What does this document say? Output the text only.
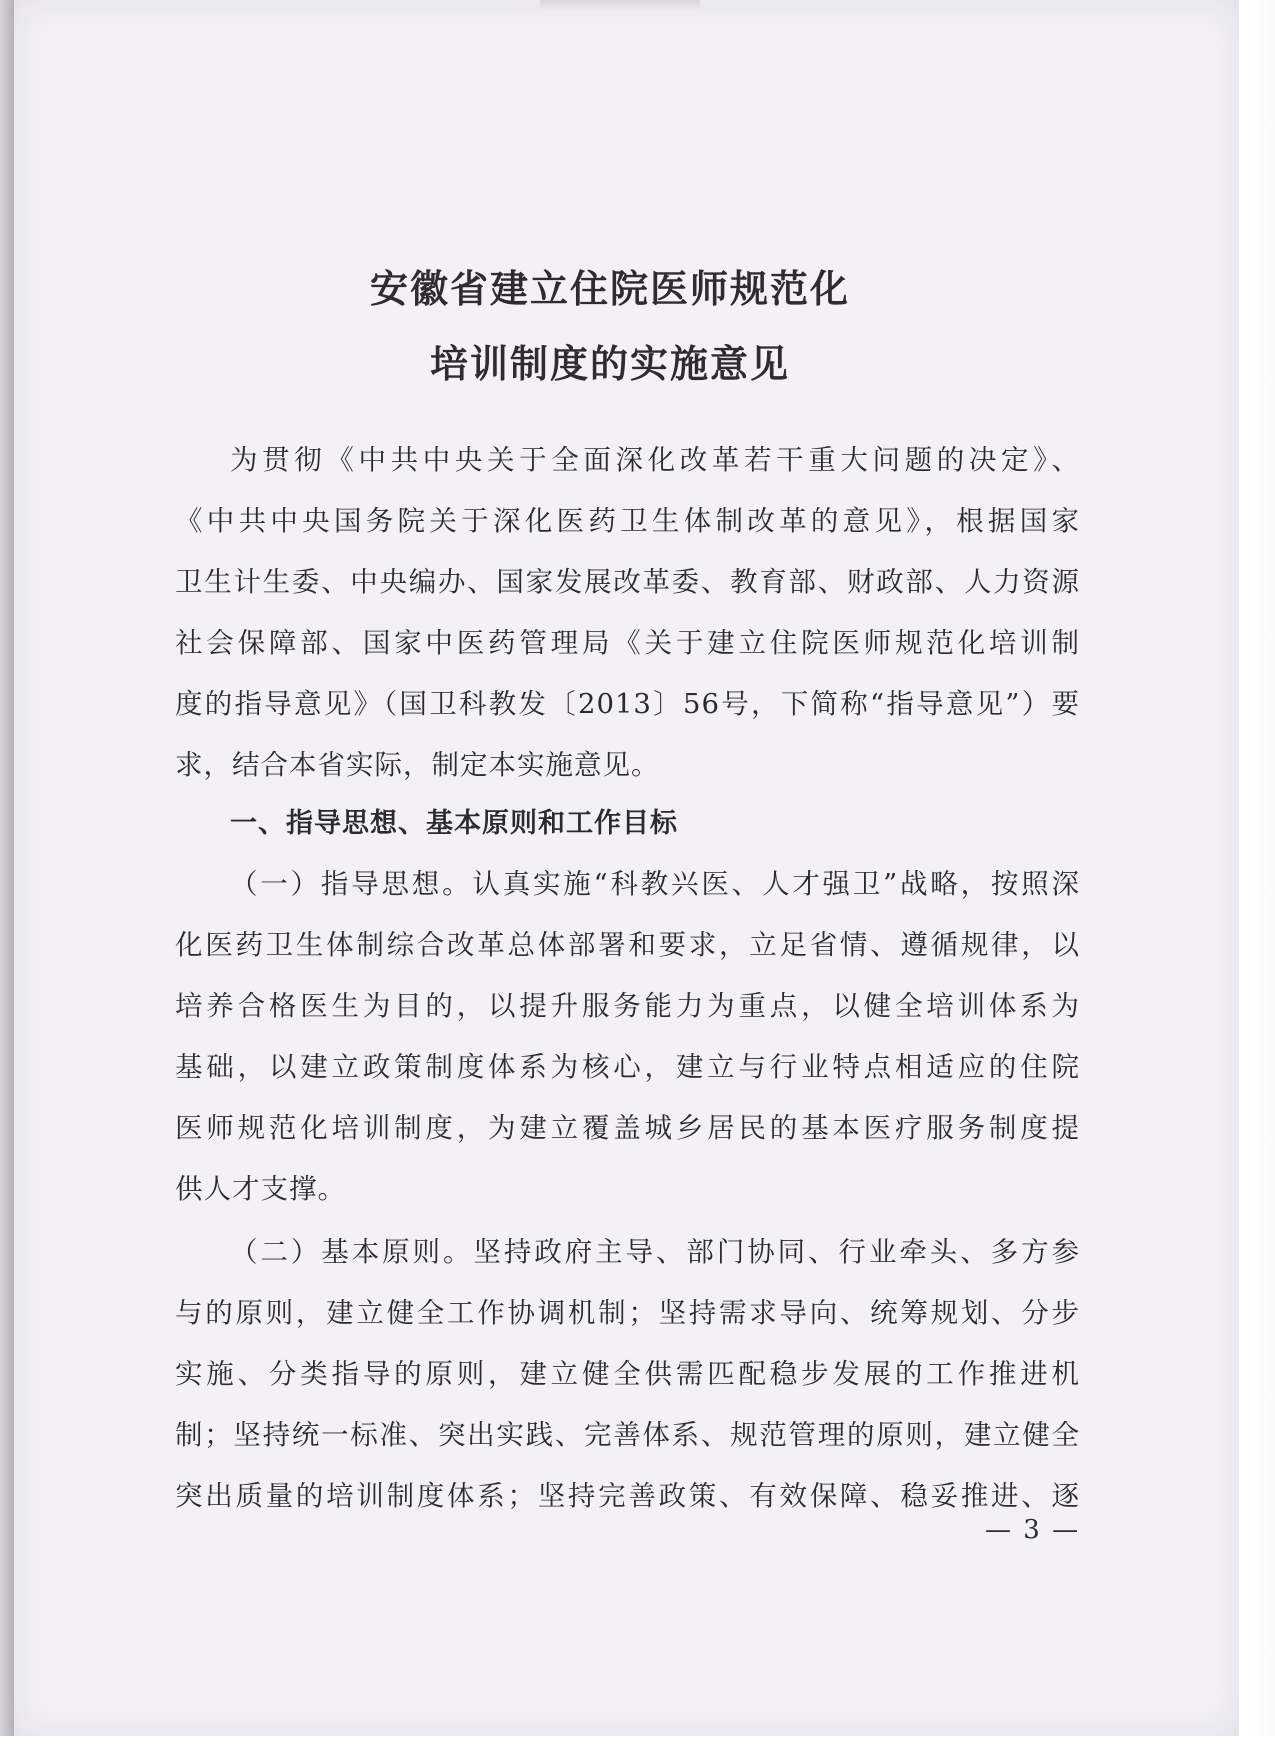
安徽省建立住院医师规范化
培训制度的实施意见
为贯彻《中共中央关于全面深化改革若干重大问题的决定》、
《中共中央国务院关于深化医药卫生体制改革的意见》，根据国家
卫生计生委、中央编办、国家发展改革委、教育部、财政部、人力资源
社会保障部、国家中医药管理局《关于建立住院医师规范化培训制
度的指导意见》（国卫科教发〔2013〕56号，下简称“指导意见”）要
求，结合本省实际，制定本实施意见。
一、指导思想、基本原则和工作目标
（一）指导思想。认真实施“科教兴医、人才强卫”战略，按照深
化医药卫生体制综合改革总体部署和要求，立足省情、遵循规律，以
培养合格医生为目的，以提升服务能力为重点，以健全培训体系为
基础，以建立政策制度体系为核心，建立与行业特点相适应的住院
医师规范化培训制度，为建立覆盖城乡居民的基本医疗服务制度提
供人才支撑。
（二）基本原则。坚持政府主导、部门协同、行业牵头、多方参
与的原则，建立健全工作协调机制；坚持需求导向、统筹规划、分步
实施、分类指导的原则，建立健全供需匹配稳步发展的工作推进机
制；坚持统一标准、突出实践、完善体系、规范管理的原则，建立健全
突出质量的培训制度体系；坚持完善政策、有效保障、稳妥推进、逐
— 3 —
